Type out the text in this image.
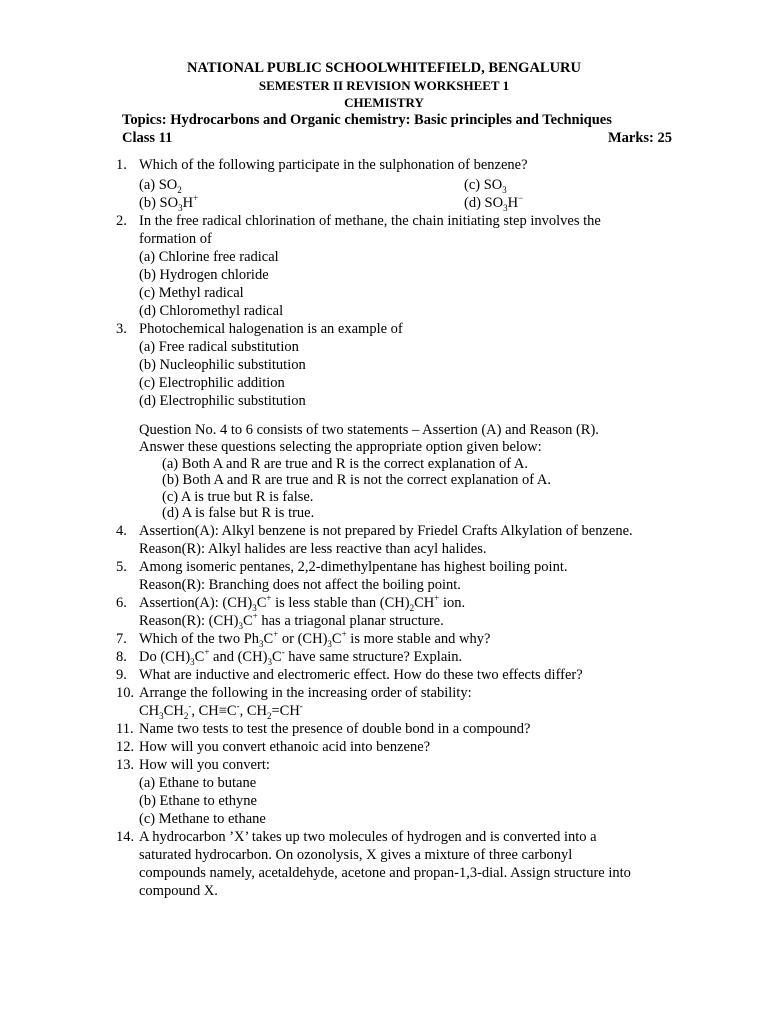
NATIONAL PUBLIC SCHOOLWHITEFIELD, BENGALURU
SEMESTER II REVISION WORKSHEET 1
CHEMISTRY
Topics: Hydrocarbons and Organic chemistry: Basic principles and Techniques
Class 11	Marks: 25
1. Which of the following participate in the sulphonation of benzene?
(a) $SO_2$	(c) $SO_3$
(b) $SO_3H^+$	(d) $SO_3H^-$
2. In the free radical chlorination of methane, the chain initiating step involves the
formation of
(a) Chlorine free radical
(b) Hydrogen chloride
(c) Methyl radical
(d) Chloromethyl radical
3. Photochemical halogenation is an example of
(a) Free radical substitution
(b) Nucleophilic substitution
(c) Electrophilic addition
(d) Electrophilic substitution
Question No. 4 to 6 consists of two statements – Assertion (A) and Reason (R).
Answer these questions selecting the appropriate option given below:
(a) Both A and R are true and R is the correct explanation of A.
(b) Both A and R are true and R is not the correct explanation of A.
(c) A is true but R is false.
(d) A is false but R is true.
4. Assertion(A): Alkyl benzene is not prepared by Friedel Crafts Alkylation of benzene.
Reason(R): Alkyl halides are less reactive than acyl halides.
5. Among isomeric pentanes, 2,2-dimethylpentane has highest boiling point.
Reason(R): Branching does not affect the boiling point.
6. Assertion(A): $(CH)_3C^+$ is less stable than $(CH)_2CH^+$ ion.
Reason(R): $(CH)_3C^+$ has a triagonal planar structure.
7. Which of the two $Ph_3C^+$ or $(CH)_3C^+$ is more stable and why?
8. Do $(CH)_3C^+$ and $(CH)_3C^-$ have same structure? Explain.
9. What are inductive and electromeric effect. How do these two effects differ?
10. Arrange the following in the increasing order of stability:
$CH_3CH_2^-$, CH≡C-, $CH_2=CH^-$
11. Name two tests to test the presence of double bond in a compound?
12. How will you convert ethanoic acid into benzene?
13. How will you convert:
(a) Ethane to butane
(b) Ethane to ethyne
(c) Methane to ethane
14. A hydrocarbon ’X’ takes up two molecules of hydrogen and is converted into a
saturated hydrocarbon. On ozonolysis, X gives a mixture of three carbonyl
compounds namely, acetaldehyde, acetone and propan-1,3-dial. Assign structure into
compound X.
